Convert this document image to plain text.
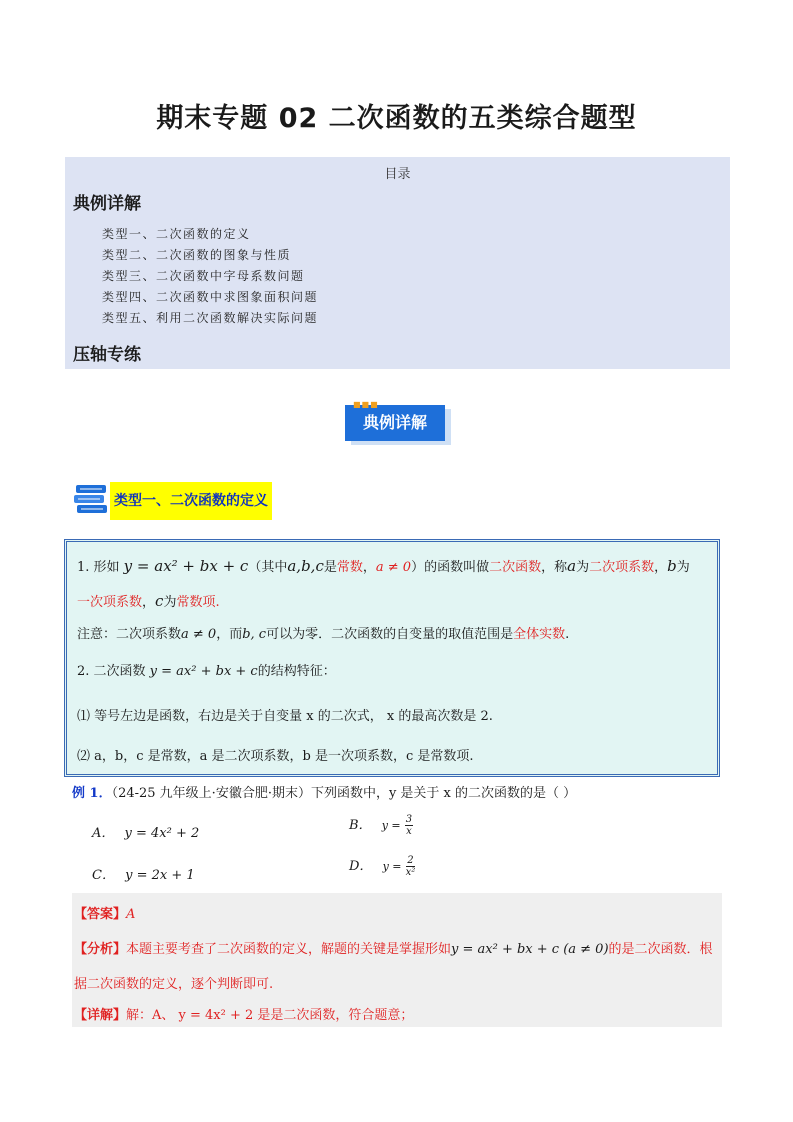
期末专题 02 二次函数的五类综合题型
目录
典例详解
类型一、二次函数的定义
类型二、二次函数的图象与性质
类型三、二次函数中字母系数问题
类型四、二次函数中求图象面积问题
类型五、利用二次函数解决实际问题
压轴专练
典例详解
■■■
类型一、二次函数的定义

1. 形如 y = ax² + bx + c（其中a,b,c是常数，a ≠ 0）的函数叫做二次函数，称a为二次项系数，b为

一次项系数，c为常数项.

注意：二次项系数a ≠ 0，而b, c可以为零．二次函数的自变量的取值范围是全体实数.

2. 二次函数 y = ax² + bx + c的结构特征：

⑴ 等号左边是函数，右边是关于自变量 x 的二次式， x 的最高次数是 2.

⑵ a，b，c 是常数，a 是二次项系数，b 是一次项系数，c 是常数项.

例 1．（24-25 九年级上·安徽合肥·期末）下列函数中，y 是关于 x 的二次函数的是（ ）
A． y = 4x² + 2
B． $y = \frac{3}{x}$
C． y = 2x + 1
D． $y = \frac{2}{\text{x²}}$

【答案】A

【分析】本题主要考查了二次函数的定义，解题的关键是掌握形如y = ax² + bx + c (a ≠ 0)的是二次函数．根

据二次函数的定义，逐个判断即可.

【详解】解：A、 y = 4x² + 2 是是二次函数，符合题意；
